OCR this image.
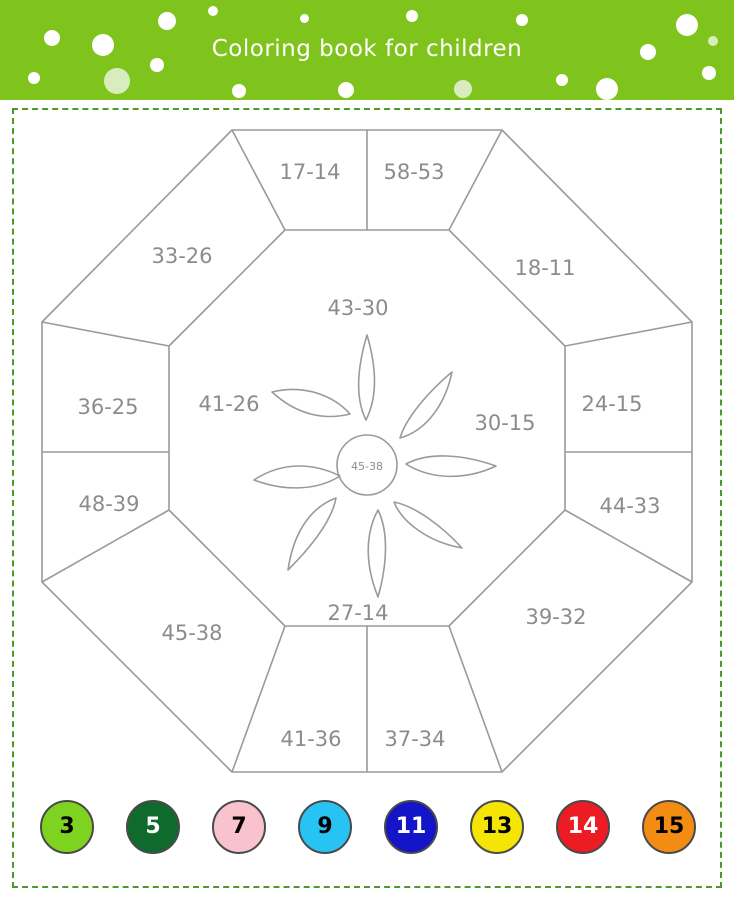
Coloring book for children
17-14 58-53
33-26	18-11
43-30
36-25	41-26
30-15
24-15
45-38
48-39	44-33
27-14
45-38
39-32
41-36 37-34
3	5	7	9	11	13	14	15
